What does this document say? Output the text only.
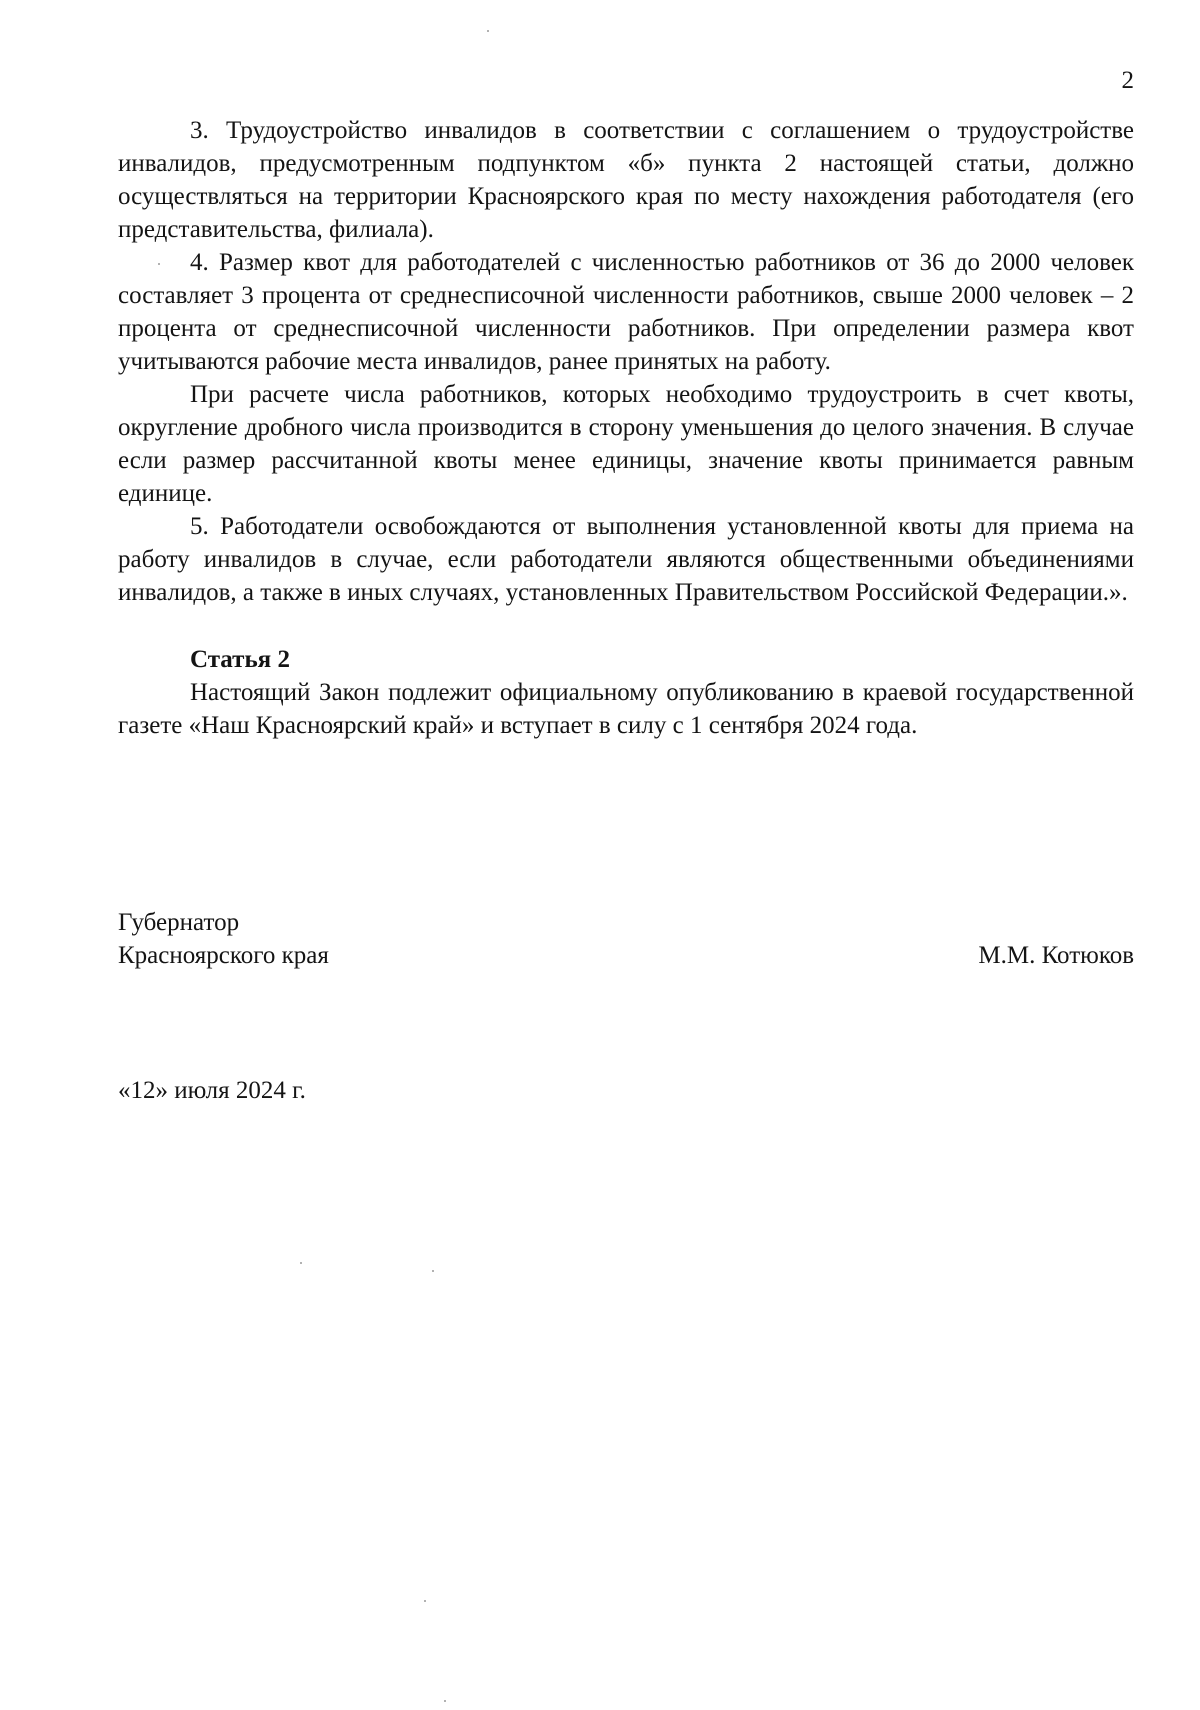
2

3. Трудоустройство инвалидов в соответствии с соглашением о трудоустройстве инвалидов, предусмотренным подпунктом «б» пункта 2 настоящей статьи, должно осуществляться на территории Красноярского края по месту нахождения работодателя (его представительства, филиала).

4. Размер квот для работодателей с численностью работников от 36 до 2000 человек составляет 3 процента от среднесписочной численности работников, свыше 2000 человек – 2 процента от среднесписочной численности работников. При определении размера квот учитываются рабочие места инвалидов, ранее принятых на работу.

При расчете числа работников, которых необходимо трудоустроить в счет квоты, округление дробного числа производится в сторону уменьшения до целого значения. В случае если размер рассчитанной квоты менее единицы, значение квоты принимается равным единице.

5. Работодатели освобождаются от выполнения установленной квоты для приема на работу инвалидов в случае, если работодатели являются общественными объединениями инвалидов, а также в иных случаях, установленных Правительством Российской Федерации.».

Статья 2

Настоящий Закон подлежит официальному опубликованию в краевой государственной газете «Наш Красноярский край» и вступает в силу с 1 сентября 2024 года.

Губернатор
Красноярского края	М.М. Котюков
«12» июля 2024 г.
